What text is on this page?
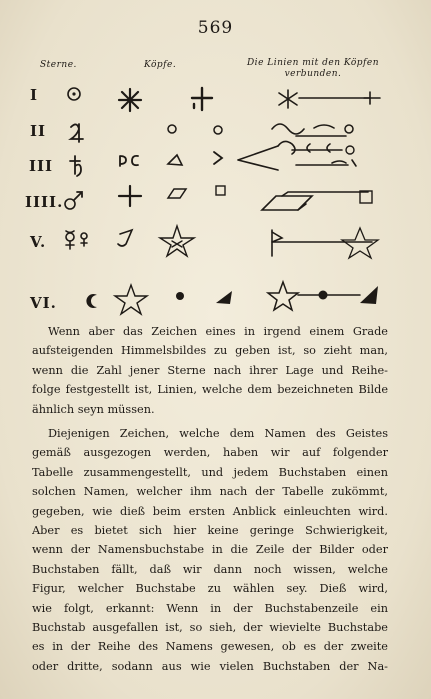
569
Sterne.	Köpfe.	Die Linien mit den Köpfen verbunden.
I
II
III
IIII.
V.
VI.
Wenn aber das Zeichen eines in irgend einem Grade
aufsteigenden Himmelsbildes zu geben ist, so zieht man,
wenn die Zahl jener Sterne nach ihrer Lage und Reihe-
folge festgestellt ist, Linien, welche dem bezeichneten Bilde
ähnlich seyn müssen.
Diejenigen Zeichen, welche dem Namen des Geistes
gemäß ausgezogen werden, haben wir auf folgender
Tabelle zusammengestellt, und jedem Buchstaben einen
solchen Namen, welcher ihm nach der Tabelle zukömmt,
gegeben, wie dieß beim ersten Anblick einleuchten wird.
Aber es bietet sich hier keine geringe Schwierigkeit,
wenn der Namensbuchstabe in die Zeile der Bilder oder
Buchstaben fällt, daß wir dann noch wissen, welche
Figur, welcher Buchstabe zu wählen sey. Dieß wird,
wie folgt, erkannt: Wenn in der Buchstabenzeile ein
Buchstab ausgefallen ist, so sieh, der wievielte Buchstabe
es in der Reihe des Namens gewesen, ob es der zweite
oder dritte, sodann aus wie vielen Buchstaben der Na-
